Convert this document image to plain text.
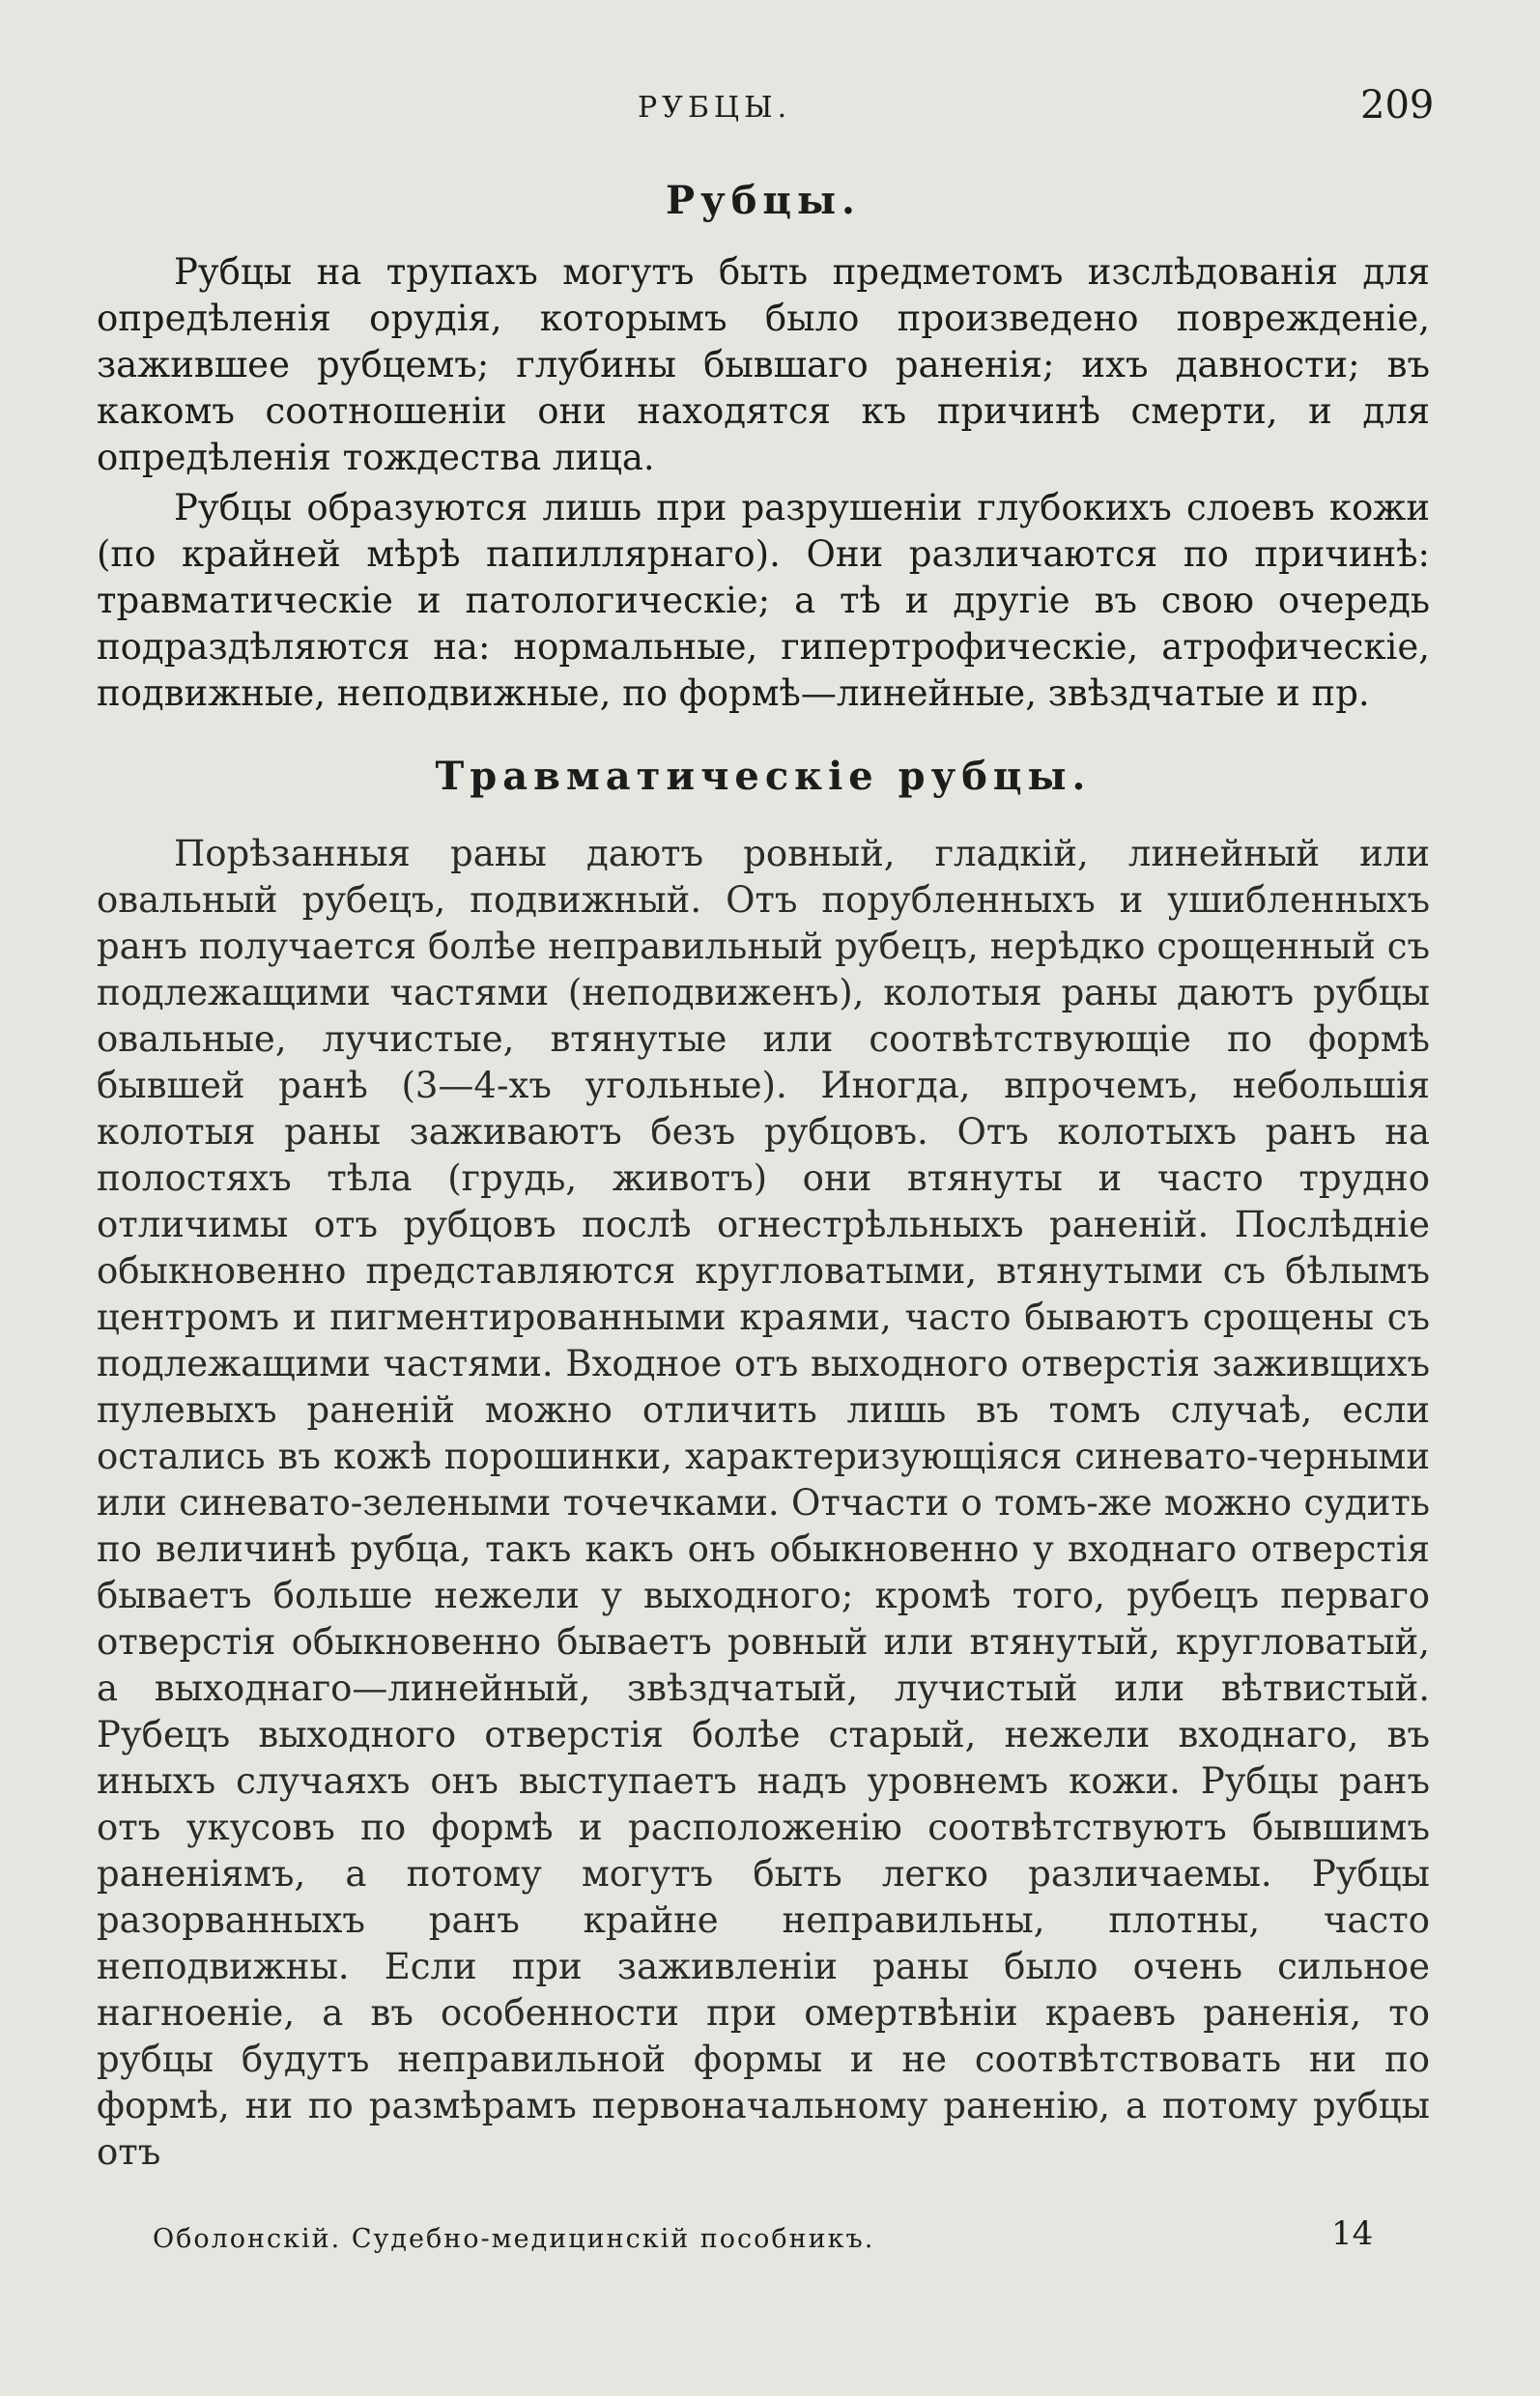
РУБЦЫ.	209
Рубцы.

Рубцы на трупахъ могутъ быть предметомъ изслѣдованія для опредѣленія орудія, которымъ было произведено поврежденіе, зажившее рубцемъ; глубины бывшаго раненія; ихъ давности; въ какомъ соотношеніи они находятся къ причинѣ смерти, и для опредѣленія тождества лица.

Рубцы образуются лишь при разрушеніи глубокихъ слоевъ кожи (по крайней мѣрѣ папиллярнаго). Они различаются по причинѣ: травматическіе и патологическіе; а тѣ и другіе въ свою очередь подраздѣляются на: нормальные, гипертрофическіе, атрофическіе, подвижные, неподвижные, по формѣ—линейные, звѣздчатые и пр.

Травматическіе рубцы.

Порѣзанныя раны даютъ ровный, гладкій, линейный или овальный рубецъ, подвижный. Отъ порубленныхъ и ушибленныхъ ранъ получается болѣе неправильный рубецъ, нерѣдко срощенный съ подлежащими частями (неподвиженъ), колотыя раны даютъ рубцы овальные, лучистые, втянутые или соотвѣтствующіе по формѣ бывшей ранѣ (3—4-хъ угольные). Иногда, впрочемъ, небольшія колотыя раны заживаютъ безъ рубцовъ. Отъ колотыхъ ранъ на полостяхъ тѣла (грудь, животъ) они втянуты и часто трудно отличимы отъ рубцовъ послѣ огнестрѣльныхъ раненій. Послѣдніе обыкновенно представляются кругловатыми, втянутыми съ бѣлымъ центромъ и пигментированными краями, часто бываютъ срощены съ подлежащими частями. Входное отъ выходного отверстія заживщихъ пулевыхъ раненій можно отличить лишь въ томъ случаѣ, если остались въ кожѣ порошинки, характеризующіяся синевато-черными или синевато-зелеными точечками. Отчасти о томъ-же можно судить по величинѣ рубца, такъ какъ онъ обыкновенно у входнаго отверстія бываетъ больше нежели у выходного; кромѣ того, рубецъ перваго отверстія обыкновенно бываетъ ровный или втянутый, кругловатый, а выходнаго—линейный, звѣздчатый, лучистый или вѣтвистый. Рубецъ выходного отверстія болѣе старый, нежели входнаго, въ иныхъ случаяхъ онъ выступаетъ надъ уровнемъ кожи. Рубцы ранъ отъ укусовъ по формѣ и расположенію соотвѣтствуютъ бывшимъ раненіямъ, а потому могутъ быть легко различаемы. Рубцы разорванныхъ ранъ крайне неправильны, плотны, часто неподвижны. Если при заживленіи раны было очень сильное нагноеніе, а въ особенности при омертвѣніи краевъ раненія, то рубцы будутъ неправильной формы и не соотвѣтствовать ни по формѣ, ни по размѣрамъ первоначальному раненію, а потому рубцы отъ

Оболонскій. Судебно-медицинскій пособникъ.	14
